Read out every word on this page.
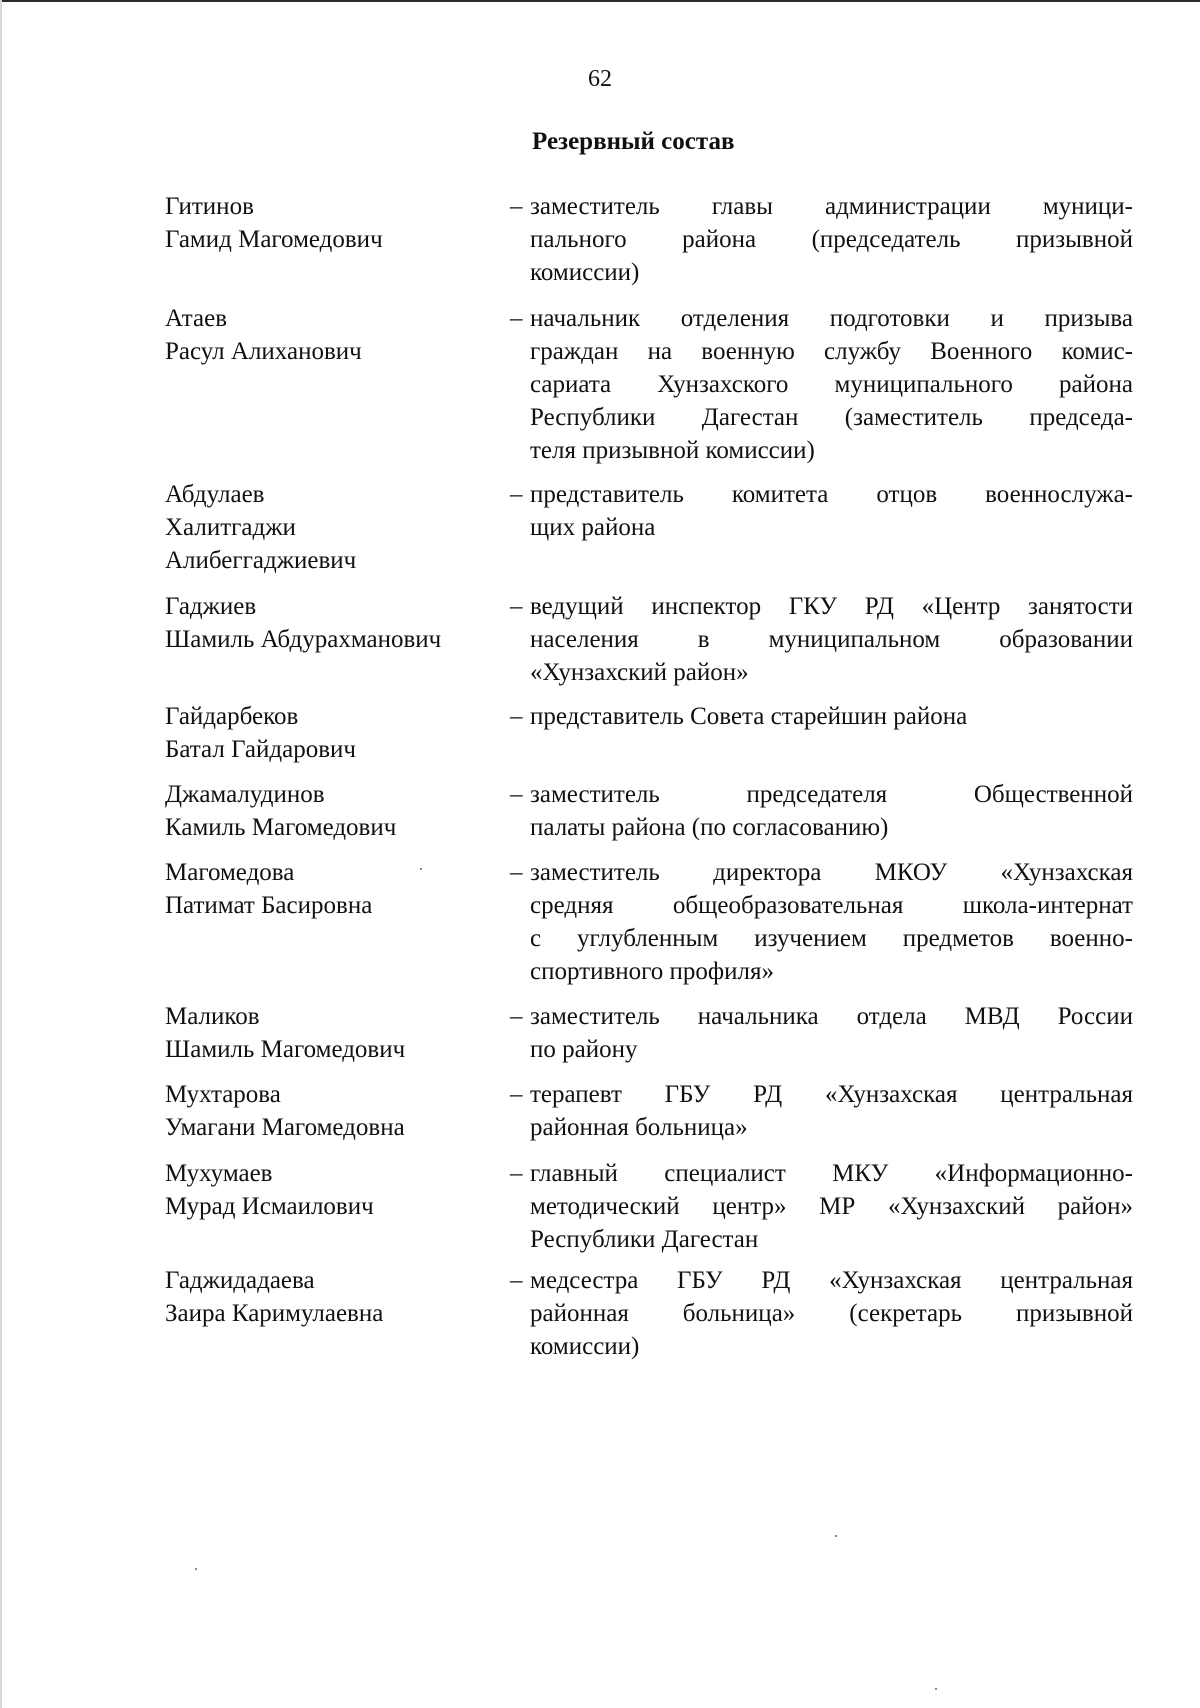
62
Резервный состав
Гитинов
Гамид Магомедович
– заместитель главы администрации муници-
пального района (председатель призывной
комиссии)
Атаев
Расул Алиханович
– начальник отделения подготовки и призыва
граждан на военную службу Военного комис-
сариата Хунзахского муниципального района
Республики Дагестан (заместитель председа-
теля призывной комиссии)
Абдулаев
Халитгаджи
Алибеггаджиевич
– представитель комитета отцов военнослужа-
щих района
Гаджиев
Шамиль Абдурахманович
– ведущий инспектор ГКУ РД «Центр занятости
населения в муниципальном образовании
«Хунзахский район»
Гайдарбеков
Батал Гайдарович
– представитель Совета старейшин района
Джамалудинов
Камиль Магомедович
– заместитель председателя Общественной
палаты района (по согласованию)
Магомедова
Патимат Басировна
– заместитель директора МКОУ «Хунзахская
средняя общеобразовательная школа-интернат
с углубленным изучением предметов военно-
спортивного профиля»
Маликов
Шамиль Магомедович
– заместитель начальника отдела МВД России
по району
Мухтарова
Умагани Магомедовна
– терапевт ГБУ РД «Хунзахская центральная
районная больница»
Мухумаев
Мурад Исмаилович
– главный специалист МКУ «Информационно-
методический центр» МР «Хунзахский район»
Республики Дагестан
Гаджидадаева
Заира Каримулаевна
– медсестра ГБУ РД «Хунзахская центральная
районная больница» (секретарь призывной
комиссии)
